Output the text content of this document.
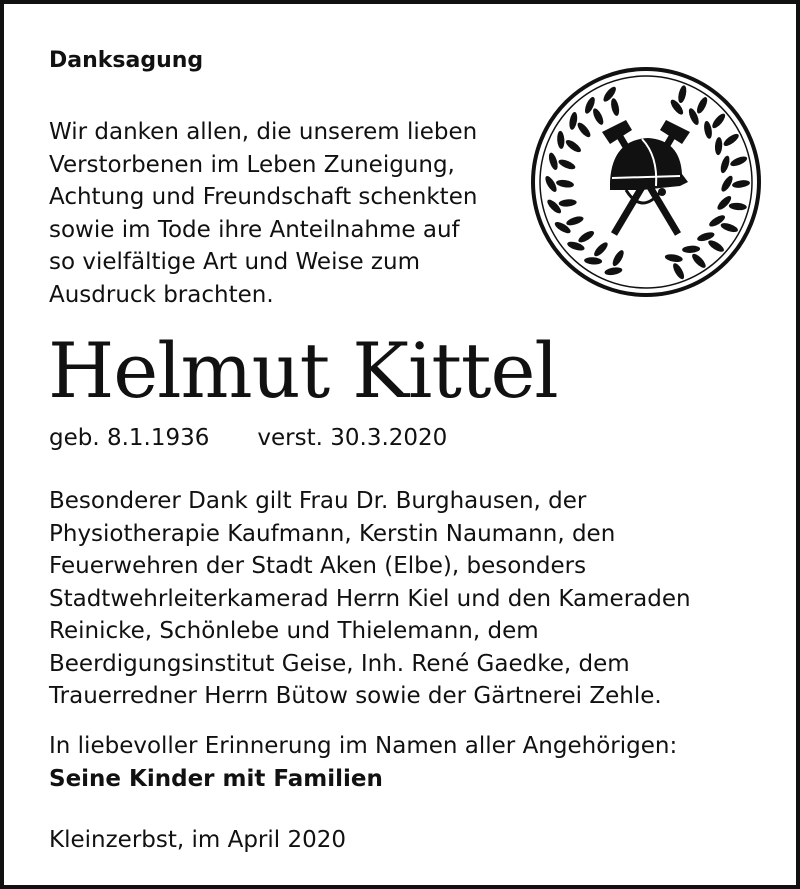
Danksagung
Wir danken allen, die unserem lieben
Verstorbenen im Leben Zuneigung,
Achtung und Freundschaft schenkten
sowie im Tode ihre Anteilnahme auf
so vielfältige Art und Weise zum
Ausdruck brachten.
Helmut Kittel
geb. 8.1.1936 verst. 30.3.2020
Besonderer Dank gilt Frau Dr. Burghausen, der
Physiotherapie Kaufmann, Kerstin Naumann, den
Feuerwehren der Stadt Aken (Elbe), besonders
Stadtwehrleiterkamerad Herrn Kiel und den Kameraden
Reinicke, Schönlebe und Thielemann, dem
Beerdigungsinstitut Geise, Inh. René Gaedke, dem
Trauerredner Herrn Bütow sowie der Gärtnerei Zehle.
In liebevoller Erinnerung im Namen aller Angehörigen:
Seine Kinder mit Familien
Kleinzerbst, im April 2020
